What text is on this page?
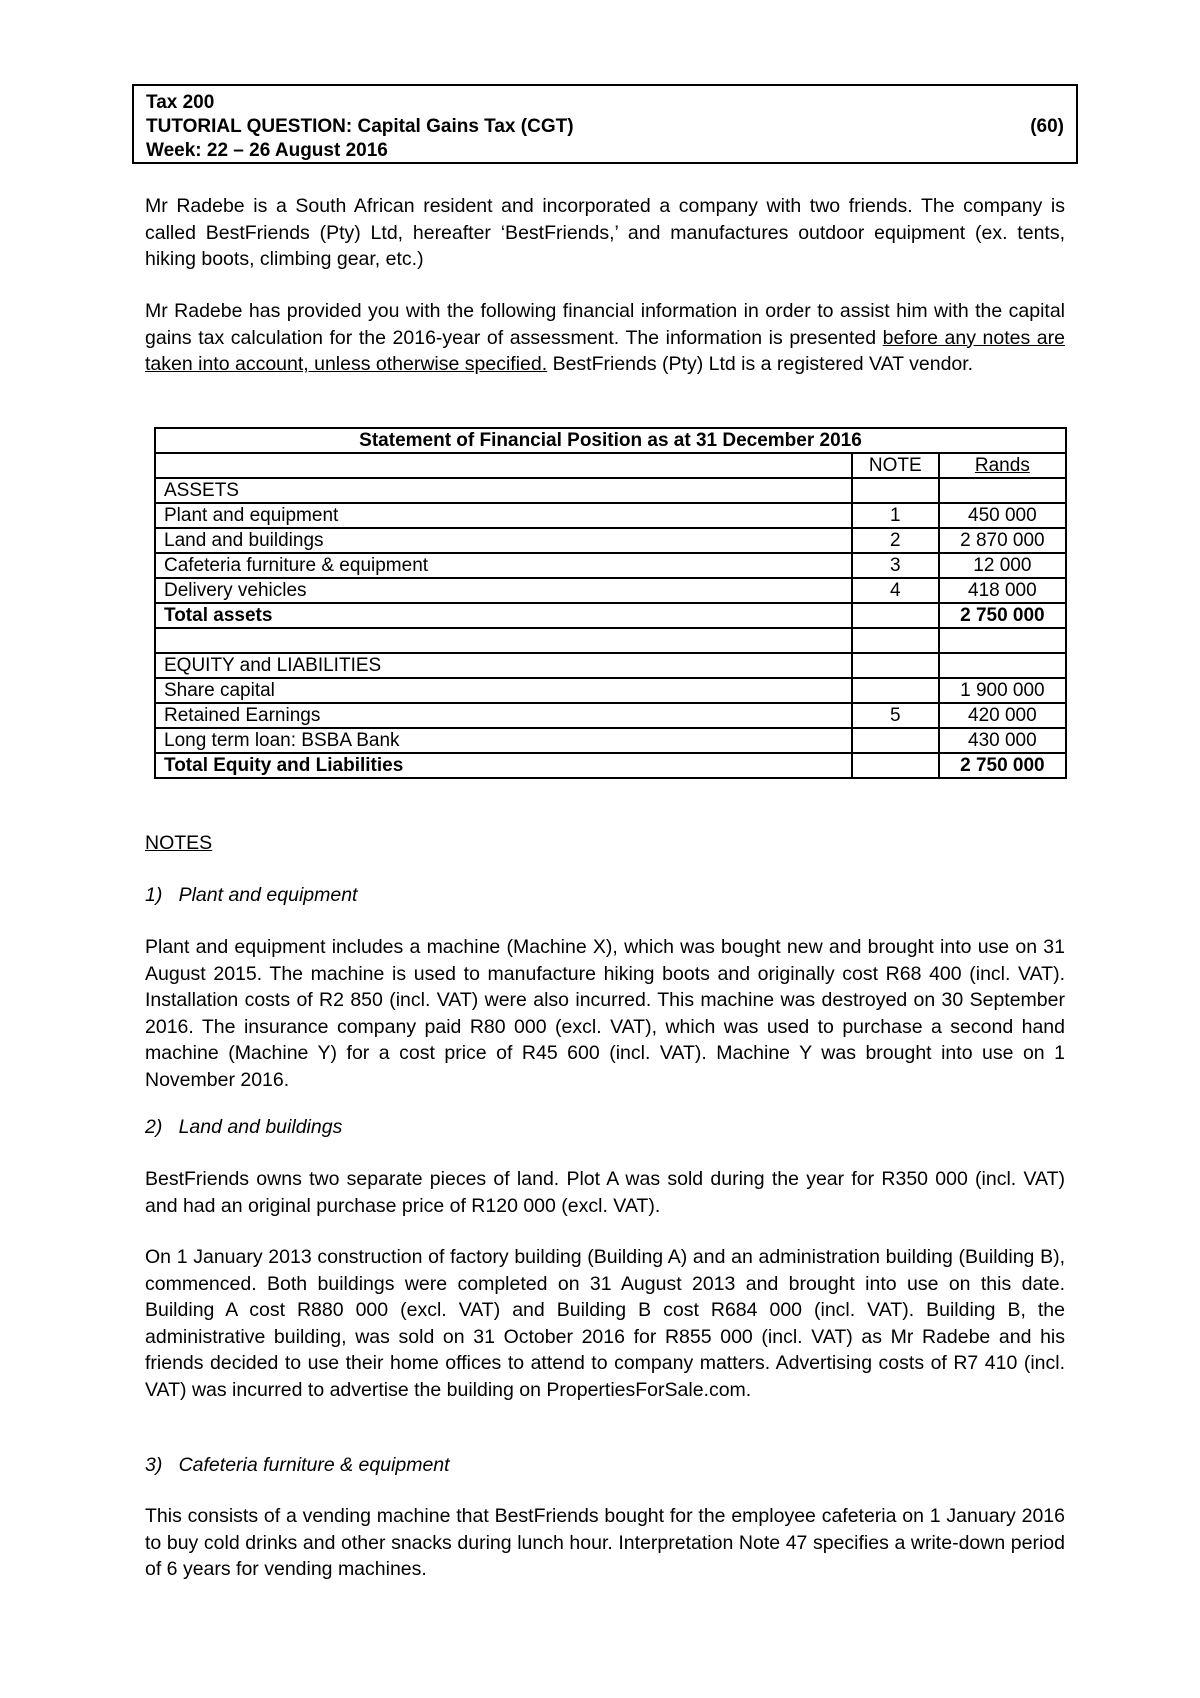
Tax 200
TUTORIAL QUESTION: Capital Gains Tax (CGT)	(60)
Week: 22 – 26 August 2016

Mr Radebe is a South African resident and incorporated a company with two friends. The company is called BestFriends (Pty) Ltd, hereafter ‘BestFriends,’ and manufactures outdoor equipment (ex. tents, hiking boots, climbing gear, etc.)

Mr Radebe has provided you with the following financial information in order to assist him with the capital gains tax calculation for the 2016-year of assessment. The information is presented before any notes are taken into account, unless otherwise specified. BestFriends (Pty) Ltd is a registered VAT vendor.

Statement of Financial Position as at 31 December 2016		
	NOTE	Rands
ASSETS		
Plant and equipment	1	450 000
Land and buildings	2	2 870 000
Cafeteria furniture & equipment	3	12 000
Delivery vehicles	4	418 000
Total assets		2 750 000

EQUITY and LIABILITIES		
Share capital		1 900 000
Retained Earnings	5	420 000
Long term loan: BSBA Bank		430 000
Total Equity and Liabilities		2 750 000

NOTES

1)   Plant and equipment

Plant and equipment includes a machine (Machine X), which was bought new and brought into use on 31 August 2015. The machine is used to manufacture hiking boots and originally cost R68 400 (incl. VAT). Installation costs of R2 850 (incl. VAT) were also incurred. This machine was destroyed on 30 September 2016. The insurance company paid R80 000 (excl. VAT), which was used to purchase a second hand machine (Machine Y) for a cost price of R45 600 (incl. VAT). Machine Y was brought into use on 1 November 2016.

2)   Land and buildings

BestFriends owns two separate pieces of land. Plot A was sold during the year for R350 000 (incl. VAT) and had an original purchase price of R120 000 (excl. VAT).

On 1 January 2013 construction of factory building (Building A) and an administration building (Building B), commenced. Both buildings were completed on 31 August 2013 and brought into use on this date. Building A cost R880 000 (excl. VAT) and Building B cost R684 000 (incl. VAT). Building B, the administrative building, was sold on 31 October 2016 for R855 000 (incl. VAT) as Mr Radebe and his friends decided to use their home offices to attend to company matters. Advertising costs of R7 410 (incl. VAT) was incurred to advertise the building on PropertiesForSale.com.

3)   Cafeteria furniture & equipment

This consists of a vending machine that BestFriends bought for the employee cafeteria on 1 January 2016 to buy cold drinks and other snacks during lunch hour. Interpretation Note 47 specifies a write-down period of 6 years for vending machines.
